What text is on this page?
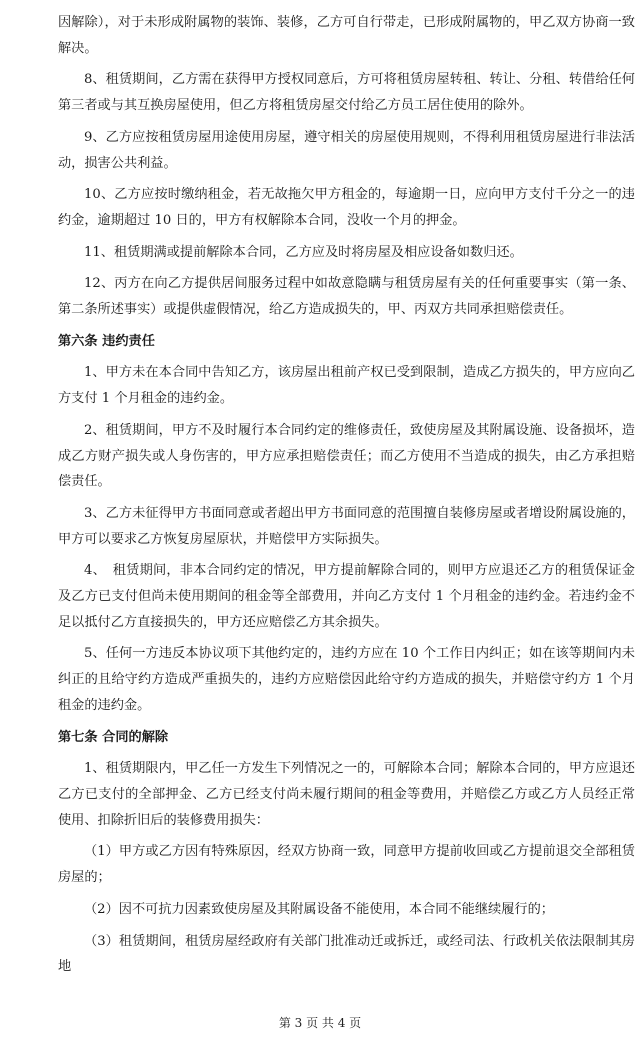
因解除），对于未形成附属物的装饰、装修，乙方可自行带走，已形成附属物的，甲乙双方协商一致解决。

8、租赁期间，乙方需在获得甲方授权同意后，方可将租赁房屋转租、转让、分租、转借给任何第三者或与其互换房屋使用，但乙方将租赁房屋交付给乙方员工居住使用的除外。

9、乙方应按租赁房屋用途使用房屋，遵守相关的房屋使用规则，不得利用租赁房屋进行非法活动，损害公共利益。

10、乙方应按时缴纳租金，若无故拖欠甲方租金的，每逾期一日，应向甲方支付千分之一的违约金，逾期超过 10 日的，甲方有权解除本合同，没收一个月的押金。

11、租赁期满或提前解除本合同，乙方应及时将房屋及相应设备如数归还。

12、丙方在向乙方提供居间服务过程中如故意隐瞒与租赁房屋有关的任何重要事实（第一条、第二条所述事实）或提供虚假情况，给乙方造成损失的，甲、丙双方共同承担赔偿责任。

第六条 违约责任

1、甲方未在本合同中告知乙方，该房屋出租前产权已受到限制，造成乙方损失的，甲方应向乙方支付 1 个月租金的违约金。

2、租赁期间，甲方不及时履行本合同约定的维修责任，致使房屋及其附属设施、设备损坏，造成乙方财产损失或人身伤害的，甲方应承担赔偿责任；而乙方使用不当造成的损失，由乙方承担赔偿责任。

3、乙方未征得甲方书面同意或者超出甲方书面同意的范围擅自装修房屋或者增设附属设施的，甲方可以要求乙方恢复房屋原状，并赔偿甲方实际损失。

4、　租赁期间，非本合同约定的情况，甲方提前解除合同的，则甲方应退还乙方的租赁保证金及乙方已支付但尚未使用期间的租金等全部费用，并向乙方支付 1 个月租金的违约金。若违约金不足以抵付乙方直接损失的，甲方还应赔偿乙方其余损失。

5、任何一方违反本协议项下其他约定的，违约方应在 10 个工作日内纠正；如在该等期间内未纠正的且给守约方造成严重损失的，违约方应赔偿因此给守约方造成的损失，并赔偿守约方 1 个月租金的违约金。

第七条 合同的解除

1、租赁期限内，甲乙任一方发生下列情况之一的，可解除本合同；解除本合同的，甲方应退还乙方已支付的全部押金、乙方已经支付尚未履行期间的租金等费用，并赔偿乙方或乙方人员经正常使用、扣除折旧后的装修费用损失：

（1）甲方或乙方因有特殊原因，经双方协商一致，同意甲方提前收回或乙方提前退交全部租赁房屋的；

（2）因不可抗力因素致使房屋及其附属设备不能使用，本合同不能继续履行的；

（3）租赁期间，租赁房屋经政府有关部门批准动迁或拆迁，或经司法、行政机关依法限制其房地

第 3 页 共 4 页
